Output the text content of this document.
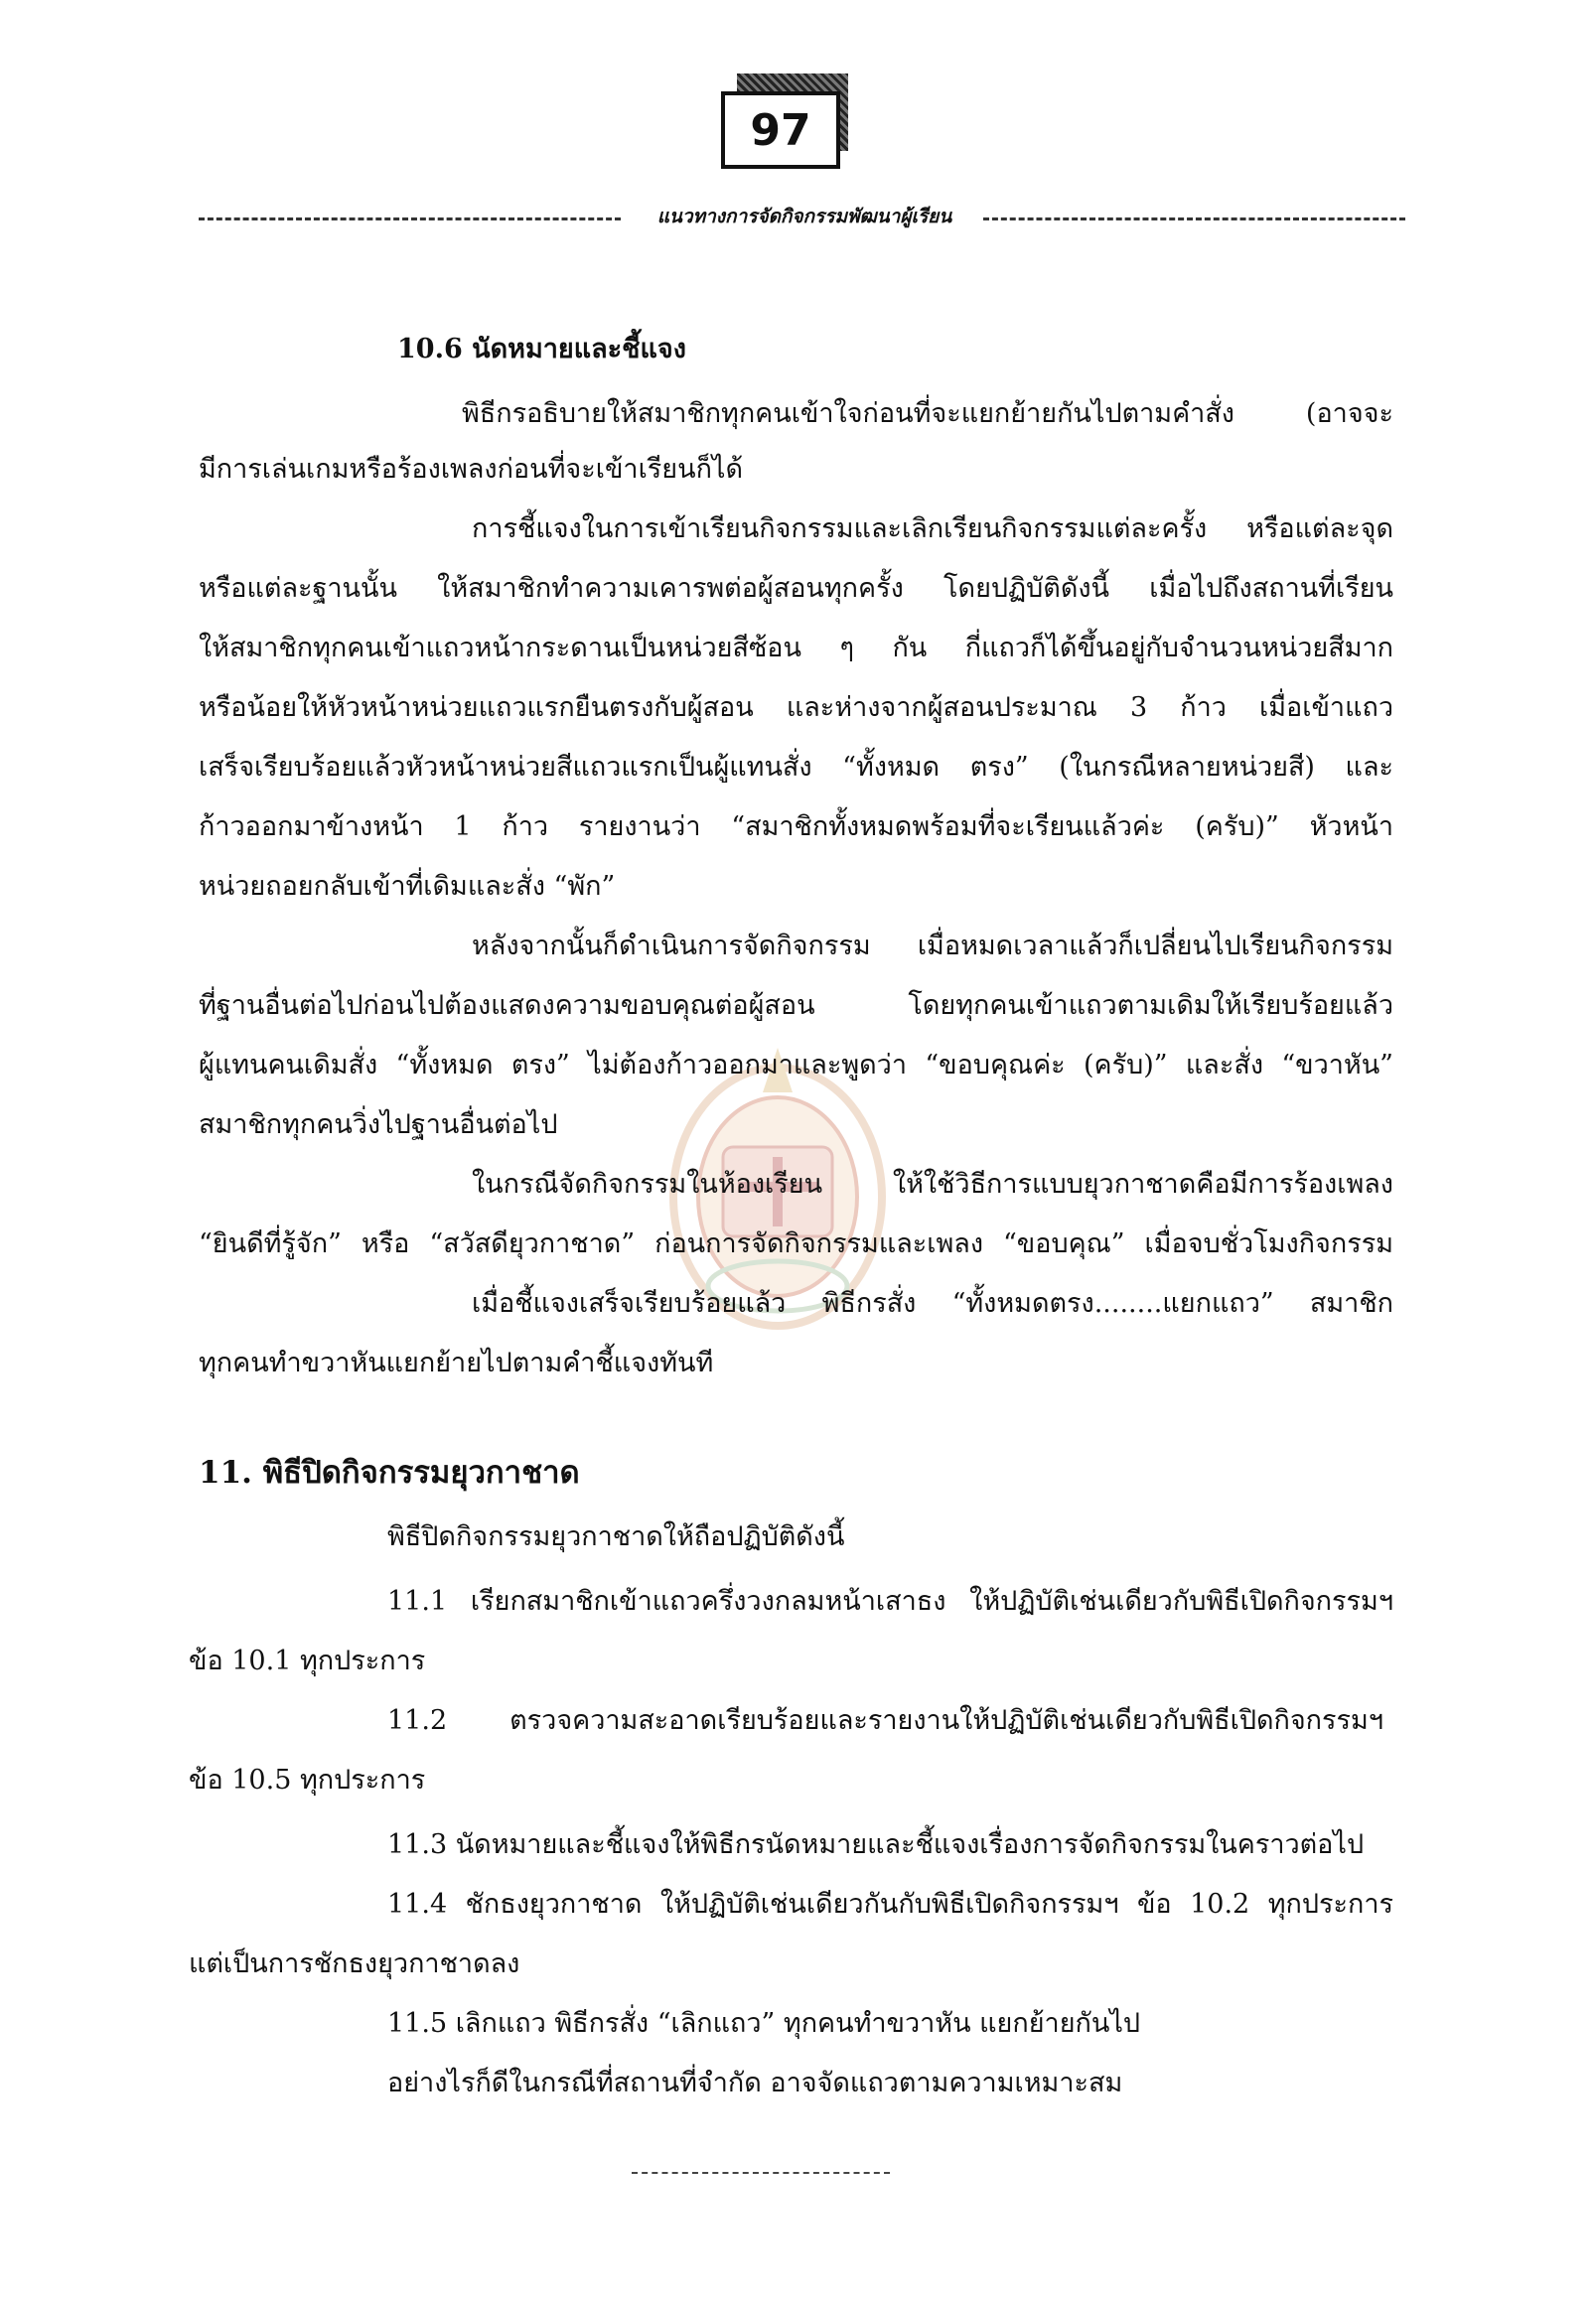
97
แนวทางการจัดกิจกรรมพัฒนาผู้เรียน
10.6 นัดหมายและชี้แจง
พิธีกรอธิบายให้สมาชิกทุกคนเข้าใจก่อนที่จะแยกย้ายกันไปตามคำสั่ง (อาจจะ
มีการเล่นเกมหรือร้องเพลงก่อนที่จะเข้าเรียนก็ได้
การชี้แจงในการเข้าเรียนกิจกรรมและเลิกเรียนกิจกรรมแต่ละครั้ง หรือแต่ละจุด
หรือแต่ละฐานนั้น ให้สมาชิกทำความเคารพต่อผู้สอนทุกครั้ง โดยปฏิบัติดังนี้ เมื่อไปถึงสถานที่เรียน
ให้สมาชิกทุกคนเข้าแถวหน้ากระดานเป็นหน่วยสีซ้อน ๆ กัน กี่แถวก็ได้ขึ้นอยู่กับจำนวนหน่วยสีมาก
หรือน้อยให้หัวหน้าหน่วยแถวแรกยืนตรงกับผู้สอน และห่างจากผู้สอนประมาณ 3 ก้าว เมื่อเข้าแถว
เสร็จเรียบร้อยแล้วหัวหน้าหน่วยสีแถวแรกเป็นผู้แทนสั่ง “ทั้งหมด ตรง” (ในกรณีหลายหน่วยสี) และ
ก้าวออกมาข้างหน้า 1 ก้าว รายงานว่า “สมาชิกทั้งหมดพร้อมที่จะเรียนแล้วค่ะ (ครับ)” หัวหน้า
หน่วยถอยกลับเข้าที่เดิมและสั่ง “พัก”
หลังจากนั้นก็ดำเนินการจัดกิจกรรม เมื่อหมดเวลาแล้วก็เปลี่ยนไปเรียนกิจกรรม
ที่ฐานอื่นต่อไปก่อนไปต้องแสดงความขอบคุณต่อผู้สอน โดยทุกคนเข้าแถวตามเดิมให้เรียบร้อยแล้ว
ผู้แทนคนเดิมสั่ง “ทั้งหมด ตรง” ไม่ต้องก้าวออกมาและพูดว่า “ขอบคุณค่ะ (ครับ)” และสั่ง “ขวาหัน”
สมาชิกทุกคนวิ่งไปฐานอื่นต่อไป
ในกรณีจัดกิจกรรมในห้องเรียน ให้ใช้วิธีการแบบยุวกาชาดคือมีการร้องเพลง
“ยินดีที่รู้จัก” หรือ “สวัสดียุวกาชาด” ก่อนการจัดกิจกรรมและเพลง “ขอบคุณ” เมื่อจบชั่วโมงกิจกรรม
เมื่อชี้แจงเสร็จเรียบร้อยแล้ว พิธีกรสั่ง “ทั้งหมดตรง........แยกแถว” สมาชิก
ทุกคนทำขวาหันแยกย้ายไปตามคำชี้แจงทันที
11. พิธีปิดกิจกรรมยุวกาชาด
พิธีปิดกิจกรรมยุวกาชาดให้ถือปฏิบัติดังนี้
11.1 เรียกสมาชิกเข้าแถวครึ่งวงกลมหน้าเสาธง ให้ปฏิบัติเช่นเดียวกับพิธีเปิดกิจกรรมฯ
ข้อ 10.1 ทุกประการ
11.2 ตรวจความสะอาดเรียบร้อยและรายงานให้ปฏิบัติเช่นเดียวกับพิธีเปิดกิจกรรมฯ
ข้อ 10.5 ทุกประการ
11.3 นัดหมายและชี้แจงให้พิธีกรนัดหมายและชี้แจงเรื่องการจัดกิจกรรมในคราวต่อไป
11.4 ชักธงยุวกาชาด ให้ปฏิบัติเช่นเดียวกันกับพิธีเปิดกิจกรรมฯ ข้อ 10.2 ทุกประการ
แต่เป็นการชักธงยุวกาชาดลง
11.5 เลิกแถว พิธีกรสั่ง “เลิกแถว” ทุกคนทำขวาหัน แยกย้ายกันไป
อย่างไรก็ดีในกรณีที่สถานที่จำกัด อาจจัดแถวตามความเหมาะสม
